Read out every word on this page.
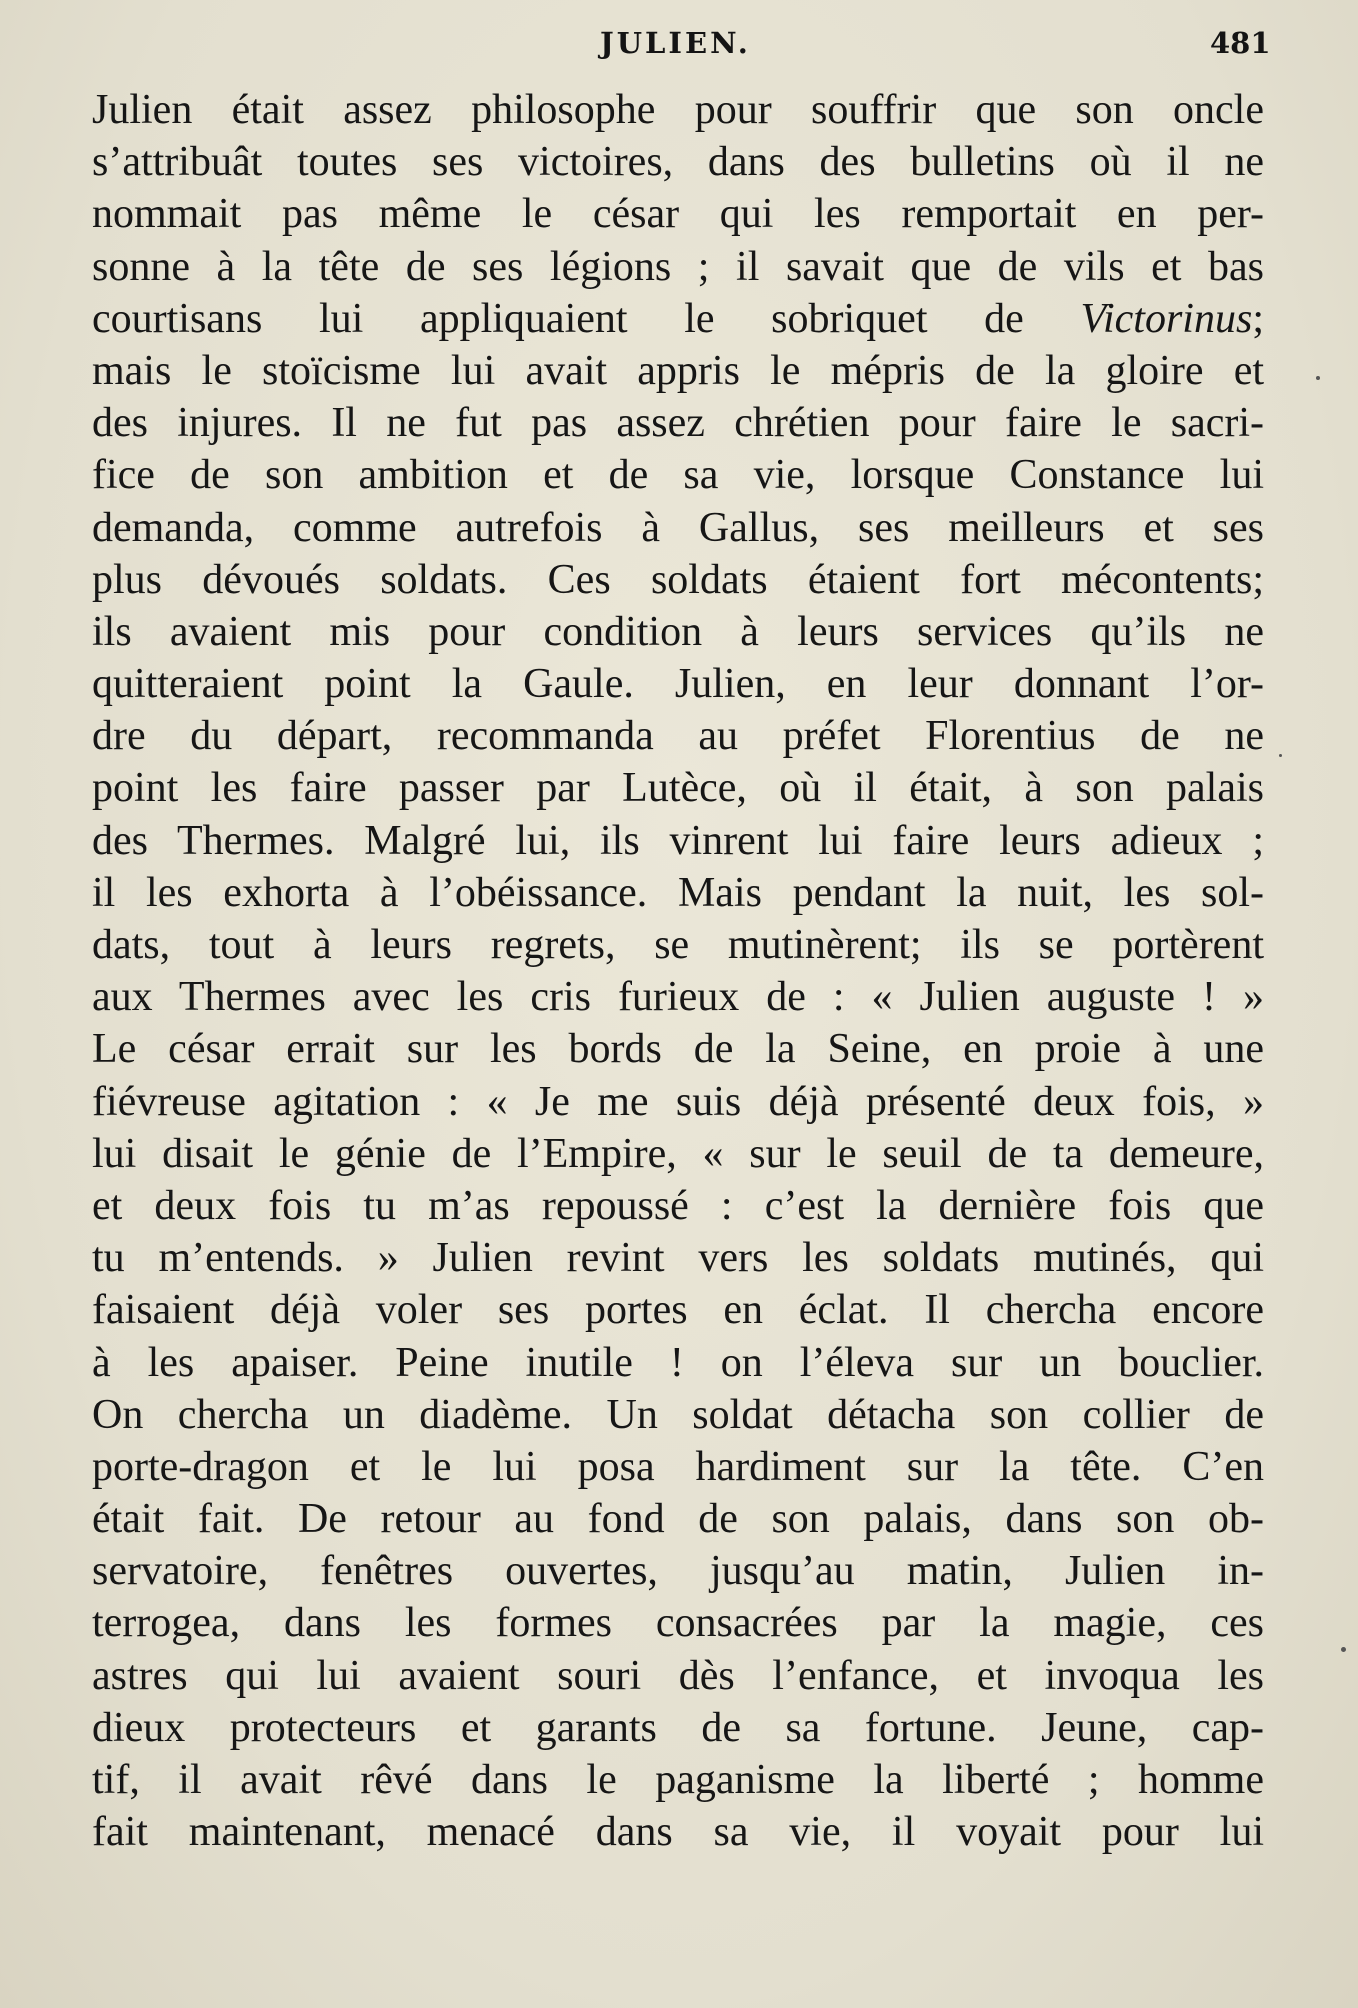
JULIEN.	481
Julien était assez philosophe pour souffrir que son oncle
s’attribuât toutes ses victoires, dans des bulletins où il ne
nommait pas même le césar qui les remportait en per-
sonne à la tête de ses légions ; il savait que de vils et bas
courtisans lui appliquaient le sobriquet de Victorinus;
mais le stoïcisme lui avait appris le mépris de la gloire et
des injures. Il ne fut pas assez chrétien pour faire le sacri-
fice de son ambition et de sa vie, lorsque Constance lui
demanda, comme autrefois à Gallus, ses meilleurs et ses
plus dévoués soldats. Ces soldats étaient fort mécontents;
ils avaient mis pour condition à leurs services qu’ils ne
quitteraient point la Gaule. Julien, en leur donnant l’or-
dre du départ, recommanda au préfet Florentius de ne
point les faire passer par Lutèce, où il était, à son palais
des Thermes. Malgré lui, ils vinrent lui faire leurs adieux ;
il les exhorta à l’obéissance. Mais pendant la nuit, les sol-
dats, tout à leurs regrets, se mutinèrent; ils se portèrent
aux Thermes avec les cris furieux de : « Julien auguste ! »
Le césar errait sur les bords de la Seine, en proie à une
fiévreuse agitation : « Je me suis déjà présenté deux fois, »
lui disait le génie de l’Empire, « sur le seuil de ta demeure,
et deux fois tu m’as repoussé : c’est la dernière fois que
tu m’entends. » Julien revint vers les soldats mutinés, qui
faisaient déjà voler ses portes en éclat. Il chercha encore
à les apaiser. Peine inutile ! on l’éleva sur un bouclier.
On chercha un diadème. Un soldat détacha son collier de
porte-dragon et le lui posa hardiment sur la tête. C’en
était fait. De retour au fond de son palais, dans son ob-
servatoire, fenêtres ouvertes, jusqu’au matin, Julien in-
terrogea, dans les formes consacrées par la magie, ces
astres qui lui avaient souri dès l’enfance, et invoqua les
dieux protecteurs et garants de sa fortune. Jeune, cap-
tif, il avait rêvé dans le paganisme la liberté ; homme
fait maintenant, menacé dans sa vie, il voyait pour lui
